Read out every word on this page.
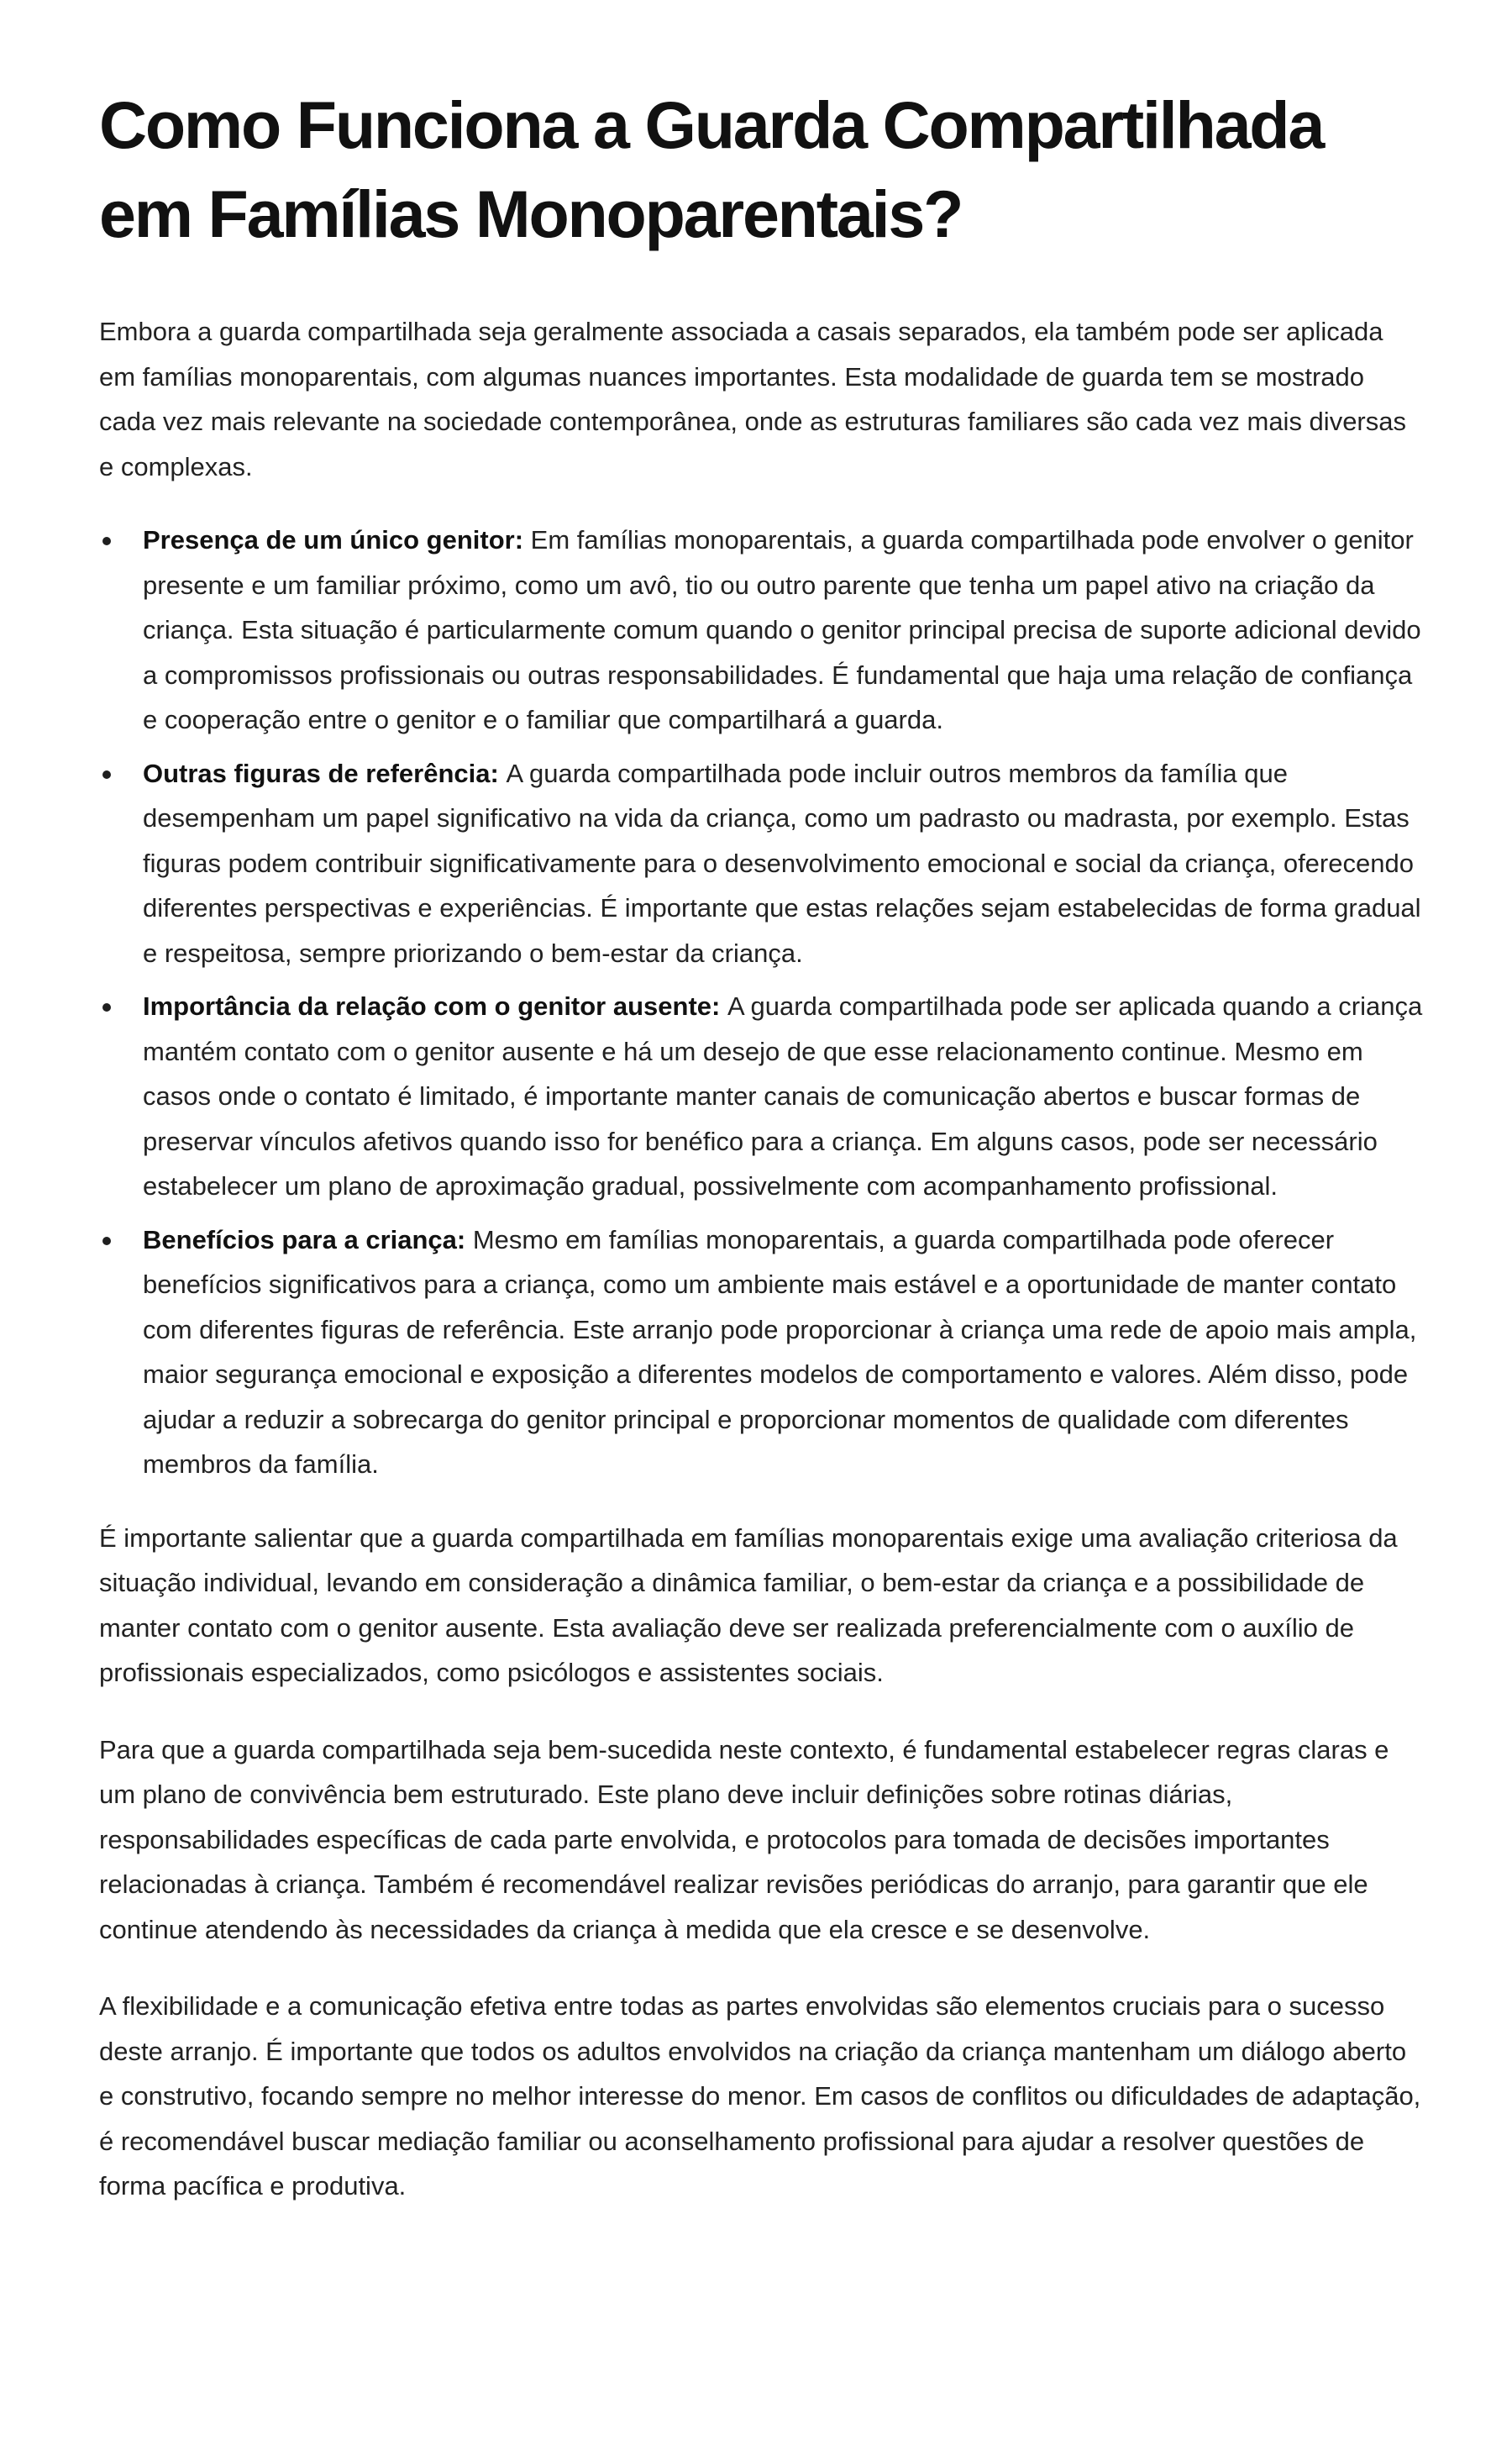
Como Funciona a Guarda Compartilhada em Famílias Monoparentais?

Embora a guarda compartilhada seja geralmente associada a casais separados, ela também pode ser aplicada em famílias monoparentais, com algumas nuances importantes. Esta modalidade de guarda tem se mostrado cada vez mais relevante na sociedade contemporânea, onde as estruturas familiares são cada vez mais diversas e complexas.

Presença de um único genitor: Em famílias monoparentais, a guarda compartilhada pode envolver o genitor presente e um familiar próximo, como um avô, tio ou outro parente que tenha um papel ativo na criação da criança. Esta situação é particularmente comum quando o genitor principal precisa de suporte adicional devido a compromissos profissionais ou outras responsabilidades. É fundamental que haja uma relação de confiança e cooperação entre o genitor e o familiar que compartilhará a guarda.
Outras figuras de referência: A guarda compartilhada pode incluir outros membros da família que desempenham um papel significativo na vida da criança, como um padrasto ou madrasta, por exemplo. Estas figuras podem contribuir significativamente para o desenvolvimento emocional e social da criança, oferecendo diferentes perspectivas e experiências. É importante que estas relações sejam estabelecidas de forma gradual e respeitosa, sempre priorizando o bem-estar da criança.
Importância da relação com o genitor ausente: A guarda compartilhada pode ser aplicada quando a criança mantém contato com o genitor ausente e há um desejo de que esse relacionamento continue. Mesmo em casos onde o contato é limitado, é importante manter canais de comunicação abertos e buscar formas de preservar vínculos afetivos quando isso for benéfico para a criança. Em alguns casos, pode ser necessário estabelecer um plano de aproximação gradual, possivelmente com acompanhamento profissional.
Benefícios para a criança: Mesmo em famílias monoparentais, a guarda compartilhada pode oferecer benefícios significativos para a criança, como um ambiente mais estável e a oportunidade de manter contato com diferentes figuras de referência. Este arranjo pode proporcionar à criança uma rede de apoio mais ampla, maior segurança emocional e exposição a diferentes modelos de comportamento e valores. Além disso, pode ajudar a reduzir a sobrecarga do genitor principal e proporcionar momentos de qualidade com diferentes membros da família.

É importante salientar que a guarda compartilhada em famílias monoparentais exige uma avaliação criteriosa da situação individual, levando em consideração a dinâmica familiar, o bem-estar da criança e a possibilidade de manter contato com o genitor ausente. Esta avaliação deve ser realizada preferencialmente com o auxílio de profissionais especializados, como psicólogos e assistentes sociais.

Para que a guarda compartilhada seja bem-sucedida neste contexto, é fundamental estabelecer regras claras e um plano de convivência bem estruturado. Este plano deve incluir definições sobre rotinas diárias, responsabilidades específicas de cada parte envolvida, e protocolos para tomada de decisões importantes relacionadas à criança. Também é recomendável realizar revisões periódicas do arranjo, para garantir que ele continue atendendo às necessidades da criança à medida que ela cresce e se desenvolve.

A flexibilidade e a comunicação efetiva entre todas as partes envolvidas são elementos cruciais para o sucesso deste arranjo. É importante que todos os adultos envolvidos na criação da criança mantenham um diálogo aberto e construtivo, focando sempre no melhor interesse do menor. Em casos de conflitos ou dificuldades de adaptação, é recomendável buscar mediação familiar ou aconselhamento profissional para ajudar a resolver questões de forma pacífica e produtiva.
